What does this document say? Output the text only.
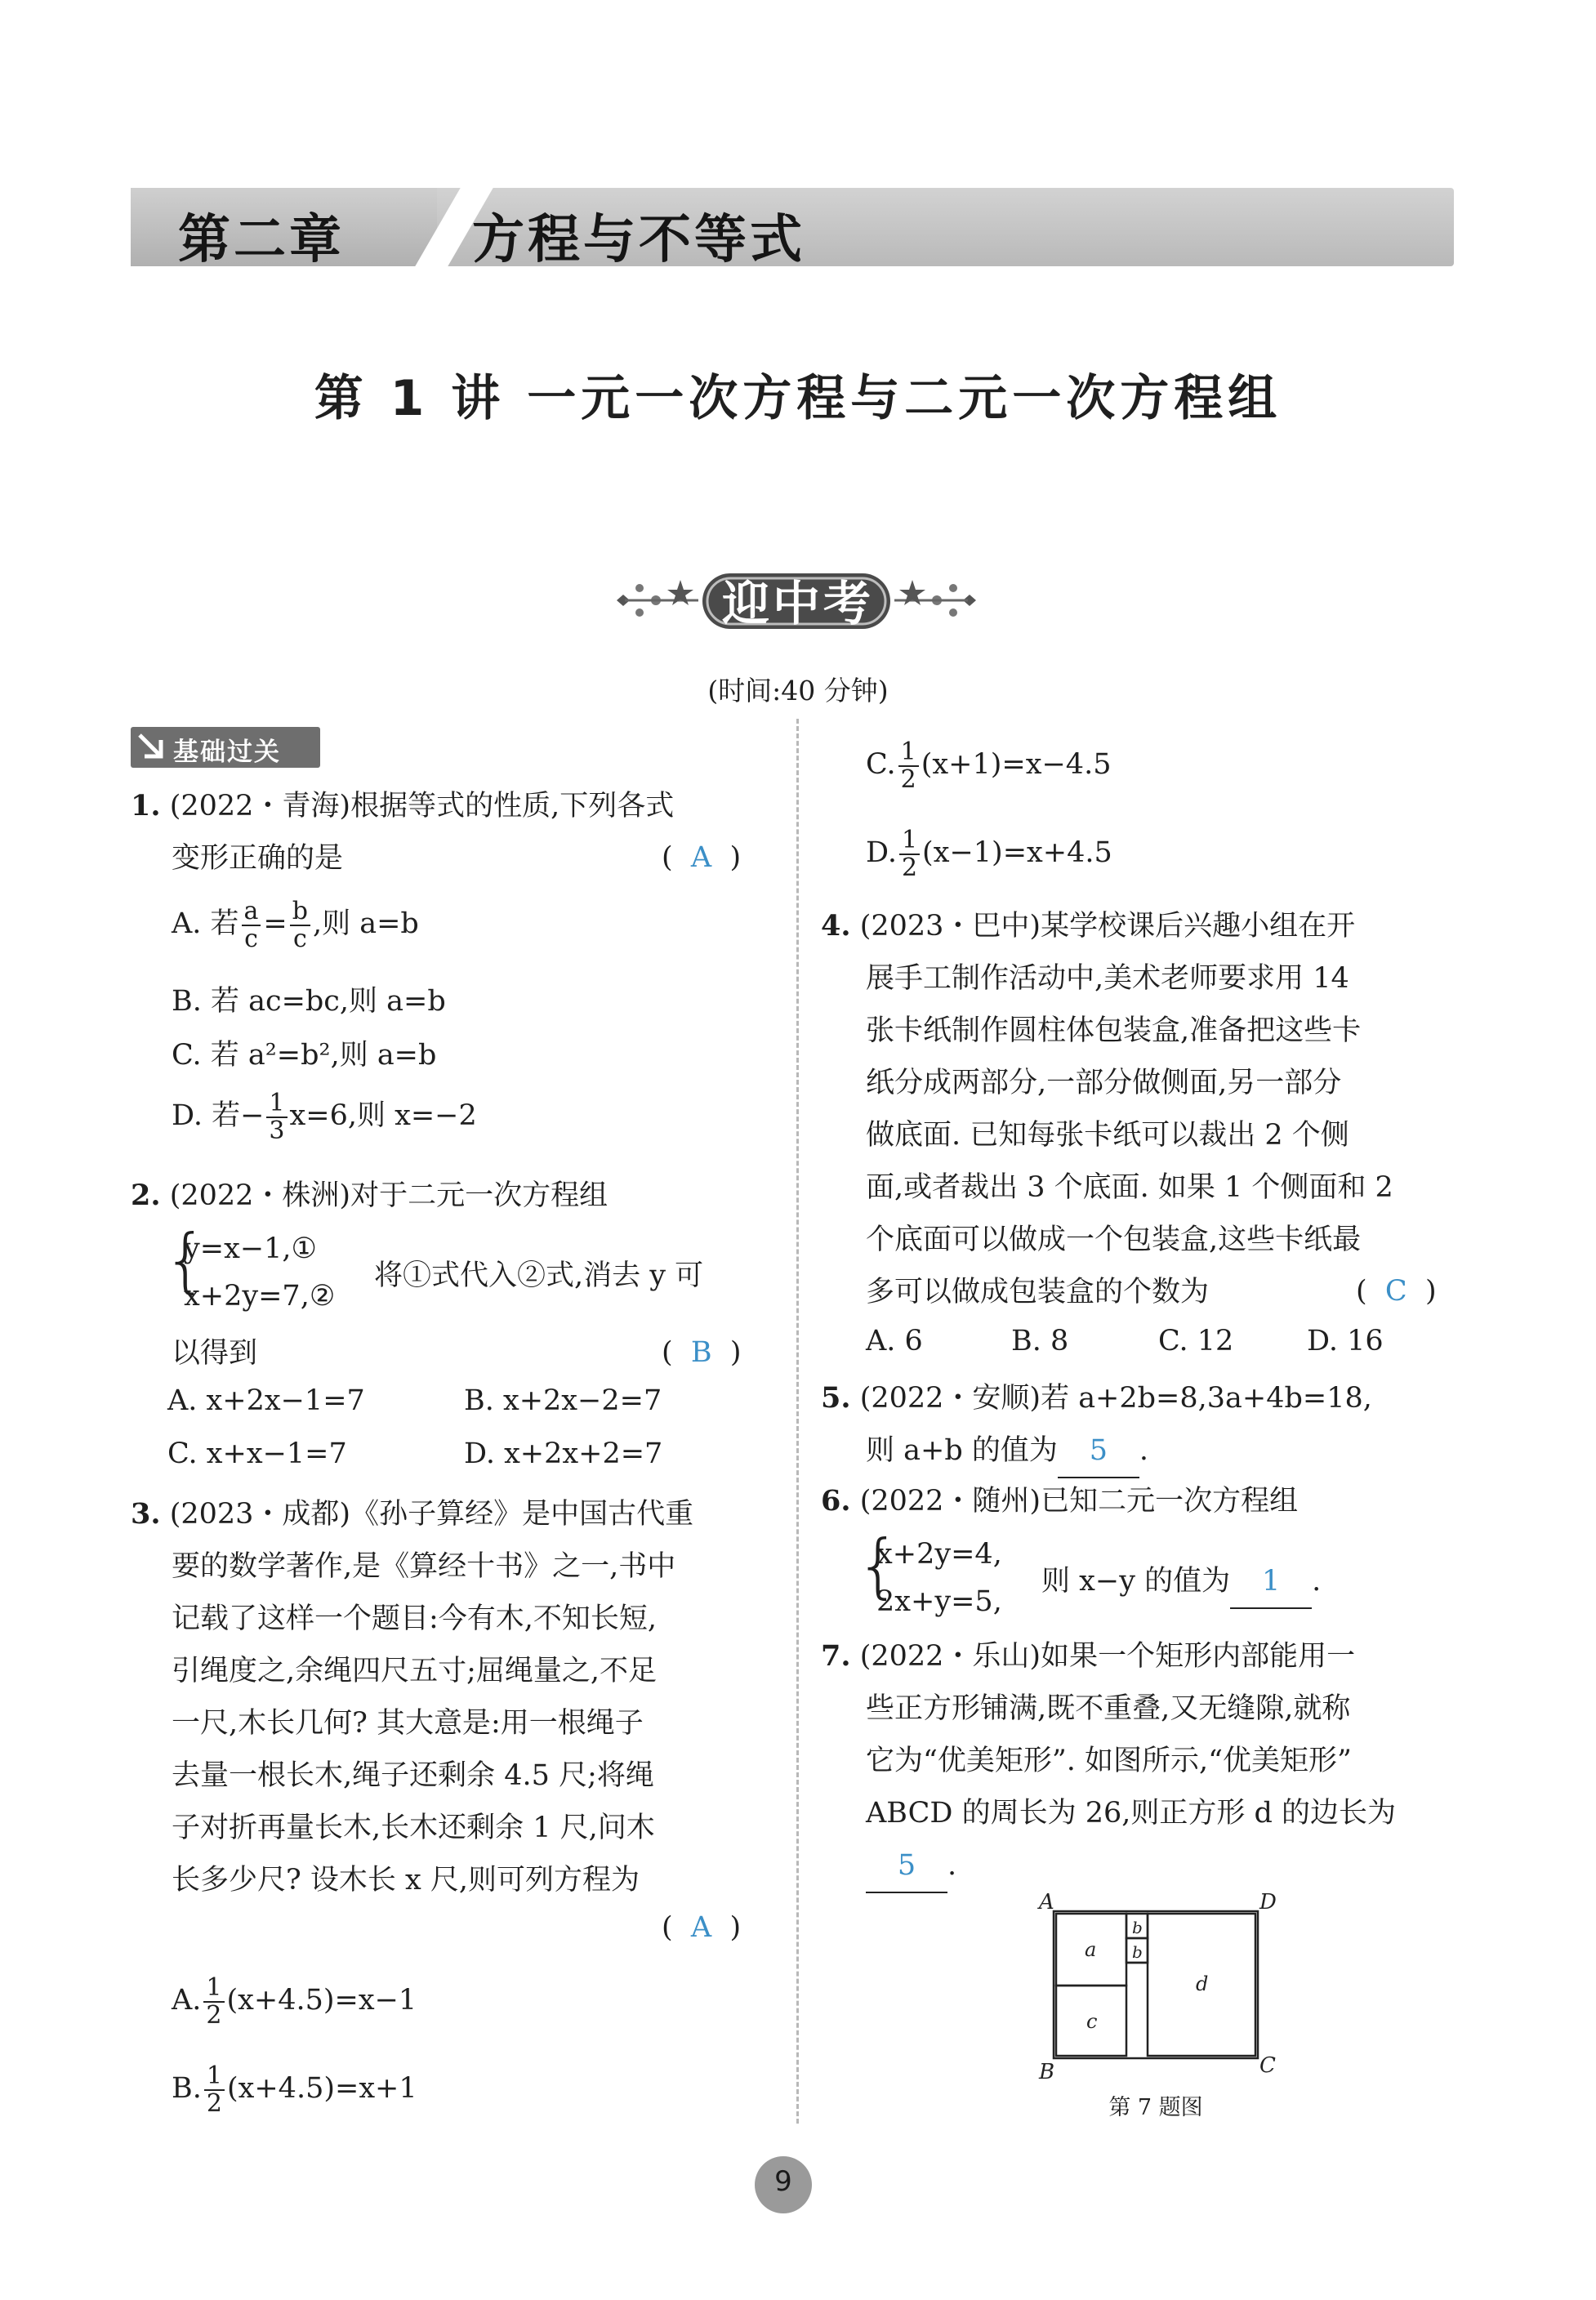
第二章 方程与不等式
第 1 讲 一元一次方程与二元一次方程组
迎中考
(时间:40 分钟)
基础过关
1. (2022・青海)根据等式的性质,下列各式
变形正确的是	(  A  )
A. 若 $\frac{a}{c} = \frac{b}{c}$ ,则 a=b
B. 若 ac=bc,则 a=b
C. 若 a²=b²,则 a=b
D. 若− $\frac{1}{3} x=6$,则 x=−2
2. (2022・株洲)对于二元一次方程组
{
y=x−1,①
x+2y=7,②
将①式代入②式,消去 y 可
以得到	(  B  )
A. x+2x−1=7	B. x+2x−2=7
C. x+x−1=7	D. x+2x+2=7
3. (2023・成都)《孙子算经》是中国古代重
要的数学著作,是《算经十书》之一,书中
记载了这样一个题目:今有木,不知长短,
引绳度之,余绳四尺五寸;屈绳量之,不足
一尺,木长几何? 其大意是:用一根绳子
去量一根长木,绳子还剩余 4.5 尺;将绳
子对折再量长木,长木还剩余 1 尺,问木
长多少尺? 设木长 x 尺,则可列方程为
(  A  )
A. $\frac{1}{2} (x+4.5)=x-1$
B. $\frac{1}{2} (x+4.5)=x+1$
C. $\frac{1}{2} (x+1)=x-4.5$
D. $\frac{1}{2} (x-1)=x+4.5$
4. (2023・巴中)某学校课后兴趣小组在开
展手工制作活动中,美术老师要求用 14
张卡纸制作圆柱体包装盒,准备把这些卡
纸分成两部分,一部分做侧面,另一部分
做底面. 已知每张卡纸可以裁出 2 个侧
面,或者裁出 3 个底面. 如果 1 个侧面和 2
个底面可以做成一个包装盒,这些卡纸最
多可以做成包装盒的个数为	(  C  )
A. 6	B. 8	C. 12	D. 16
5. (2022・安顺)若 a+2b=8,3a+4b=18,
则 a+b 的值为 5 .
6. (2022・随州)已知二元一次方程组
{
x+2y=4,
2x+y=5,
则 x−y 的值为 1 .
7. (2022・乐山)如果一个矩形内部能用一
些正方形铺满,既不重叠,又无缝隙,就称
它为“优美矩形”. 如图所示,“优美矩形”
ABCD 的周长为 26,则正方形 d 的边长为
5 .
A	D
B	C
a
b
b
c
d
第 7 题图
9
